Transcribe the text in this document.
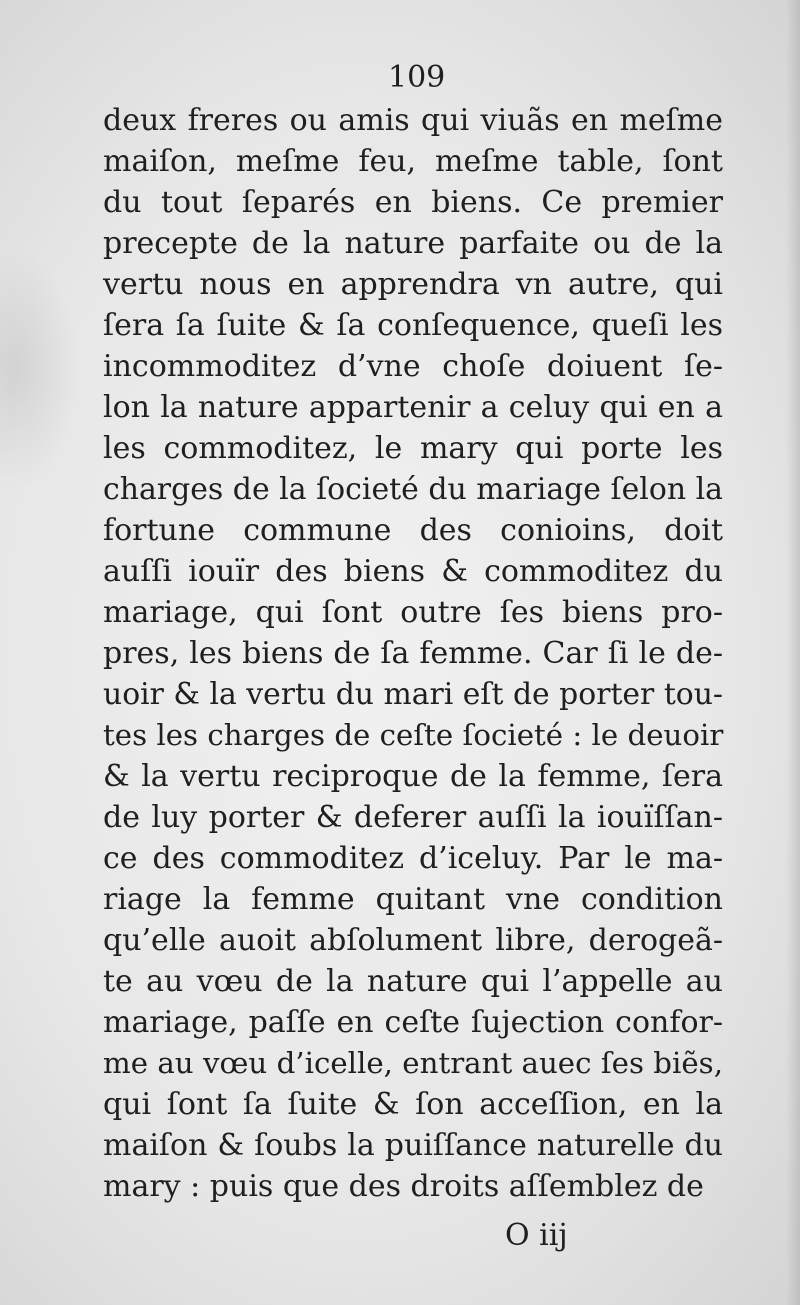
109
deux freres ou amis qui viuãs en meſme
maiſon, meſme feu, meſme table, ſont
du tout ſeparés en biens. Ce premier
precepte de la nature parfaite ou de la
vertu nous en apprendra vn autre, qui
ſera ſa ſuite & ſa conſequence, queſi les
incommoditez d’vne choſe doiuent ſe-
lon la nature appartenir a celuy qui en a
les commoditez, le mary qui porte les
charges de la ſocieté du mariage ſelon la
fortune commune des conioins, doit
auſſi iouïr des biens & commoditez du
mariage, qui ſont outre ſes biens pro-
pres, les biens de ſa femme. Car ſi le de-
uoir & la vertu du mari eſt de porter tou-
tes les charges de ceſte ſocieté : le deuoir
& la vertu reciproque de la femme, ſera
de luy porter & deferer auſſi la iouïſſan-
ce des commoditez d’iceluy. Par le ma-
riage la femme quitant vne condition
qu’elle auoit abſolument libre, derogeã-
te au vœu de la nature qui l’appelle au
mariage, paſſe en ceſte ſujection confor-
me au vœu d’icelle, entrant auec ſes biẽs,
qui ſont ſa ſuite & ſon acceſſion, en la
maiſon & ſoubs la puiſſance naturelle du
mary : puis que des droits aſſemblez de
O iij
